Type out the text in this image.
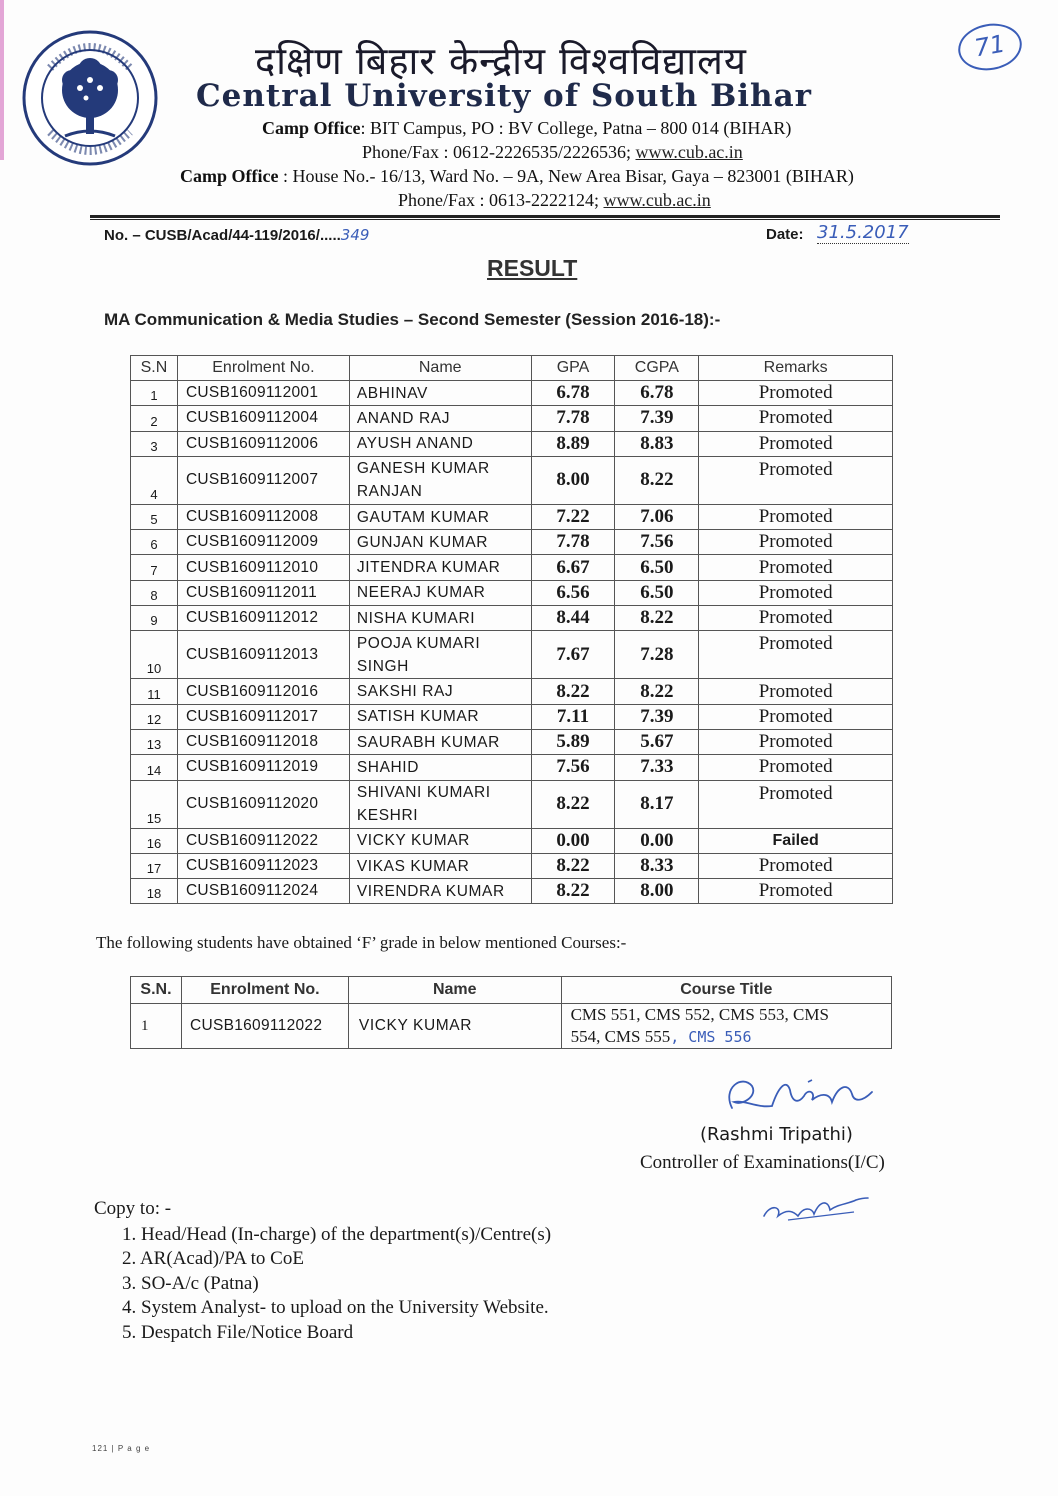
दक्षिण बिहार केन्द्रीय विश्वविद्यालय
Central University of South Bihar
71
Camp Office: BIT Campus, PO : BV College, Patna – 800 014 (BIHAR)
Phone/Fax : 0612-2226535/2226536; www.cub.ac.in
Camp Office : House No.- 16/13, Ward No. – 9A, New Area Bisar, Gaya – 823001 (BIHAR)
Phone/Fax : 0613-2222124; www.cub.ac.in
No. – CUSB/Acad/44-119/2016/.....349	Date: 31.5.2017
RESULT
MA Communication & Media Studies – Second Semester (Session 2016-18):-
S.N	Enrolment No.	Name	GPA	CGPA	Remarks
1	CUSB1609112001	ABHINAV	6.78	6.78	Promoted
2	CUSB1609112004	ANAND RAJ	7.78	7.39	Promoted
3	CUSB1609112006	AYUSH ANAND	8.89	8.83	Promoted
4	CUSB1609112007	GANESH KUMAR RANJAN	8.00	8.22	Promoted
5	CUSB1609112008	GAUTAM KUMAR	7.22	7.06	Promoted
6	CUSB1609112009	GUNJAN KUMAR	7.78	7.56	Promoted
7	CUSB1609112010	JITENDRA KUMAR	6.67	6.50	Promoted
8	CUSB1609112011	NEERAJ KUMAR	6.56	6.50	Promoted
9	CUSB1609112012	NISHA KUMARI	8.44	8.22	Promoted
10	CUSB1609112013	POOJA KUMARI SINGH	7.67	7.28	Promoted
11	CUSB1609112016	SAKSHI RAJ	8.22	8.22	Promoted
12	CUSB1609112017	SATISH KUMAR	7.11	7.39	Promoted
13	CUSB1609112018	SAURABH KUMAR	5.89	5.67	Promoted
14	CUSB1609112019	SHAHID	7.56	7.33	Promoted
15	CUSB1609112020	SHIVANI KUMARI KESHRI	8.22	8.17	Promoted
16	CUSB1609112022	VICKY KUMAR	0.00	0.00	Failed
17	CUSB1609112023	VIKAS KUMAR	8.22	8.33	Promoted
18	CUSB1609112024	VIRENDRA KUMAR	8.22	8.00	Promoted
The following students have obtained ‘F’ grade in below mentioned Courses:-
S.N.	Enrolment No.	Name	Course Title
1	CUSB1609112022	VICKY KUMAR	CMS 551, CMS 552, CMS 553, CMS
554, CMS 555, CMS 556
(Rashmi Tripathi)
Controller of Examinations(I/C)
Copy to: -
1. Head/Head (In-charge) of the department(s)/Centre(s)
2. AR(Acad)/PA to CoE
3. SO-A/c (Patna)
4. System Analyst- to upload on the University Website.
5. Despatch File/Notice Board
121 | P a g e
